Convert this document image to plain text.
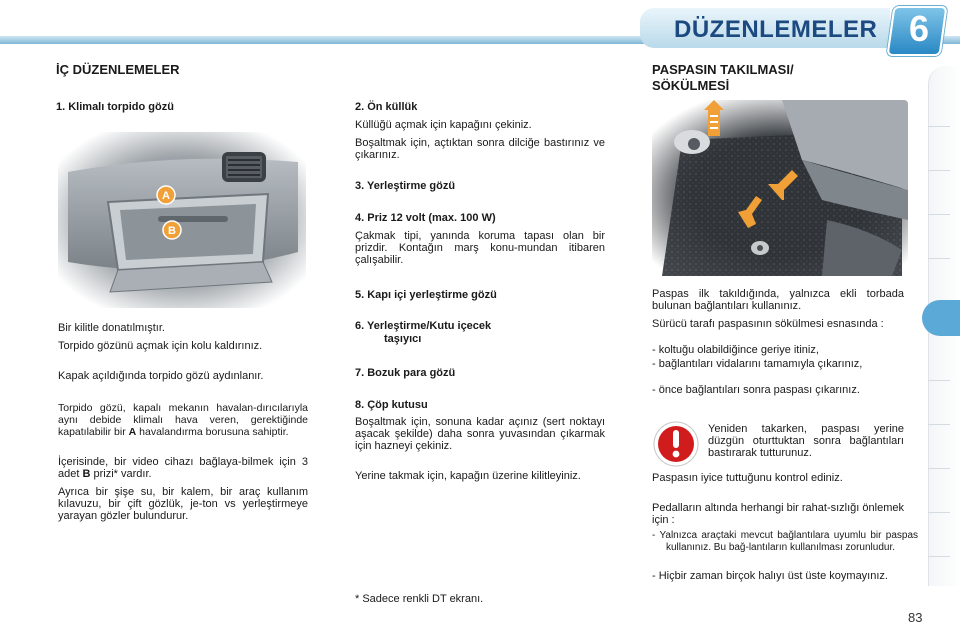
DÜZENLEMELER 6
İÇ DÜZENLEMELER
1. Klimalı torpido gözü
A
B
Bir kilitle donatılmıştır.
Torpido gözünü açmak için kolu kaldırınız.
Kapak açıldığında torpido gözü aydınlanır.
Torpido gözü, kapalı mekanın havalan-dırıcılarıyla aynı debide klimalı hava veren, gerektiğinde kapatılabilir bir A havalandırma borusuna sahiptir.
İçerisinde, bir video cihazı bağlaya-bilmek için 3 adet B prizi* vardır.
Ayrıca bir şişe su, bir kalem, bir araç kullanım kılavuzu, bir çift gözlük, je-ton vs yerleştirmeye yarayan gözler bulundurur.
2. Ön küllük
Küllüğü açmak için kapağını çekiniz.
Boşaltmak için, açtıktan sonra dilciğe bastırınız ve çıkarınız.
3. Yerleştirme gözü
4. Priz 12 volt (max. 100 W)
Çakmak tipi, yanında koruma tapası olan bir prizdir. Kontağın marş konu-mundan itibaren çalışabilir.
5. Kapı içi yerleştirme gözü
6. Yerleştirme/Kutu içecek
taşıyıcı
7. Bozuk para gözü
8. Çöp kutusu
Boşaltmak için, sonuna kadar açınız (sert noktayı aşacak şekilde) daha sonra yuvasından çıkarmak için hazneyi çekiniz.
Yerine takmak için, kapağın üzerine kilitleyiniz.
* Sadece renkli DT ekranı.
PASPASIN TAKILMASI/
SÖKÜLMESİ
Paspas ilk takıldığında, yalnızca ekli torbada bulunan bağlantıları kullanınız.
Sürücü tarafı paspasının sökülmesi esnasında :
- koltuğu olabildiğince geriye itiniz,
- bağlantıları vidalarını tamamıyla çıkarınız,
- önce bağlantıları sonra paspası çıkarınız.
Yeniden takarken, paspası yerine düzgün oturttuktan sonra bağlantıları bastırarak tutturunuz.
Paspasın iyice tuttuğunu kontrol ediniz.
Pedalların altında herhangi bir rahat-sızlığı önlemek için :
- Yalnızca araçtaki mevcut bağlantılara uyumlu bir paspas kullanınız. Bu bağ-lantıların kullanılması zorunludur.
- Hiçbir zaman birçok halıyı üst üste koymayınız.
83
